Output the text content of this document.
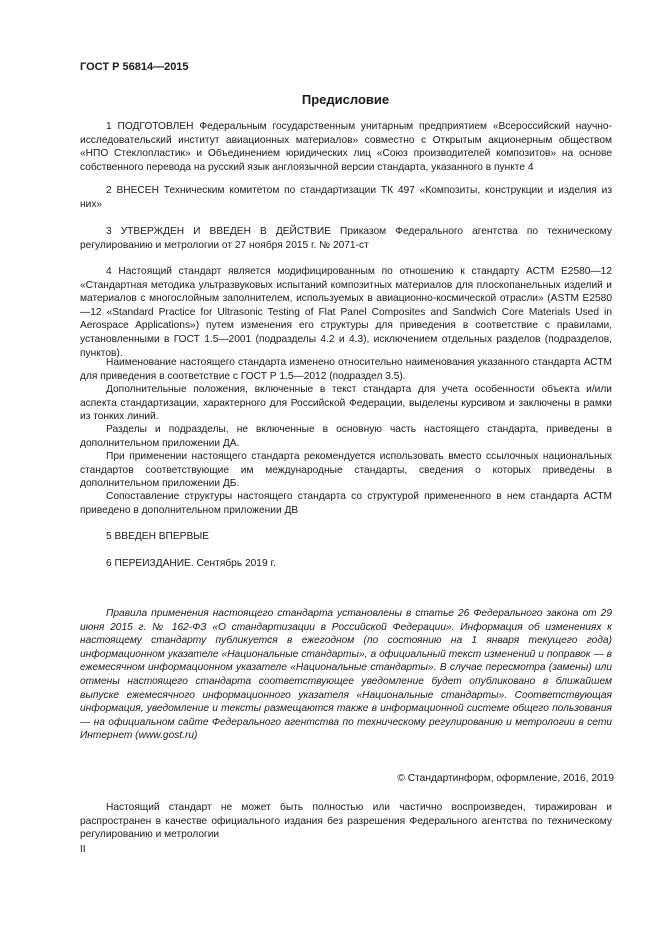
ГОСТ Р 56814—2015
Предисловие
1 ПОДГОТОВЛЕН Федеральным государственным унитарным предприятием «Всероссийский научно-исследовательский институт авиационных материалов» совместно с Открытым акционерным обществом «НПО Стеклопластик» и Объединением юридических лиц «Союз производителей композитов» на основе собственного перевода на русский язык англоязычной версии стандарта, указанного в пункте 4
2 ВНЕСЕН Техническим комитетом по стандартизации ТК 497 «Композиты, конструкции и изделия из них»
3 УТВЕРЖДЕН И ВВЕДЕН В ДЕЙСТВИЕ Приказом Федерального агентства по техническому регулированию и метрологии от 27 ноября 2015 г. № 2071-ст
4 Настоящий стандарт является модифицированным по отношению к стандарту АСТМ Е2580—12 «Стандартная методика ультразвуковых испытаний композитных материалов для плоскопанельных изделий и материалов с многослойным заполнителем, используемых в авиационно-космической отрасли» (ASTM E2580—12 «Standard Practice for Ultrasonic Testing of Flat Panel Composites and Sandwich Core Materials Used in Aerospace Applications») путем изменения его структуры для приведения в соответствие с правилами, установленными в ГОСТ 1.5—2001 (подразделы 4.2 и 4.3), исключением отдельных разделов (подразделов, пунктов).
Наименование настоящего стандарта изменено относительно наименования указанного стандарта АСТМ для приведения в соответствие с ГОСТ Р 1.5—2012 (подраздел 3.5).
Дополнительные положения, включенные в текст стандарта для учета особенности объекта и/или аспекта стандартизации, характерного для Российской Федерации, выделены курсивом и заключены в рамки из тонких линий.
Разделы и подразделы, не включенные в основную часть настоящего стандарта, приведены в дополнительном приложении ДА.
При применении настоящего стандарта рекомендуется использовать вместо ссылочных национальных стандартов соответствующие им международные стандарты, сведения о которых приведены в дополнительном приложении ДБ.
Сопоставление структуры настоящего стандарта со структурой примененного в нем стандарта АСТМ приведено в дополнительном приложении ДВ
5 ВВЕДЕН ВПЕРВЫЕ
6 ПЕРЕИЗДАНИЕ. Сентябрь 2019 г.
Правила применения настоящего стандарта установлены в статье 26 Федерального закона от 29 июня 2015 г. № 162-ФЗ «О стандартизации в Российской Федерации». Информация об изменениях к настоящему стандарту публикуется в ежегодном (по состоянию на 1 января текущего года) информационном указателе «Национальные стандарты», а официальный текст изменений и поправок — в ежемесячном информационном указателе «Национальные стандарты». В случае пересмотра (замены) или отмены настоящего стандарта соответствующее уведомление будет опубликовано в ближайшем выпуске ежемесячного информационного указателя «Национальные стандарты». Соответствующая информация, уведомление и тексты размещаются также в информационной системе общего пользования — на официальном сайте Федерального агентства по техническому регулированию и метрологии в сети Интернет (www.gost.ru)
© Стандартинформ, оформление, 2016, 2019
Настоящий стандарт не может быть полностью или частично воспроизведен, тиражирован и распространен в качестве официального издания без разрешения Федерального агентства по техническому регулированию и метрологии
II
